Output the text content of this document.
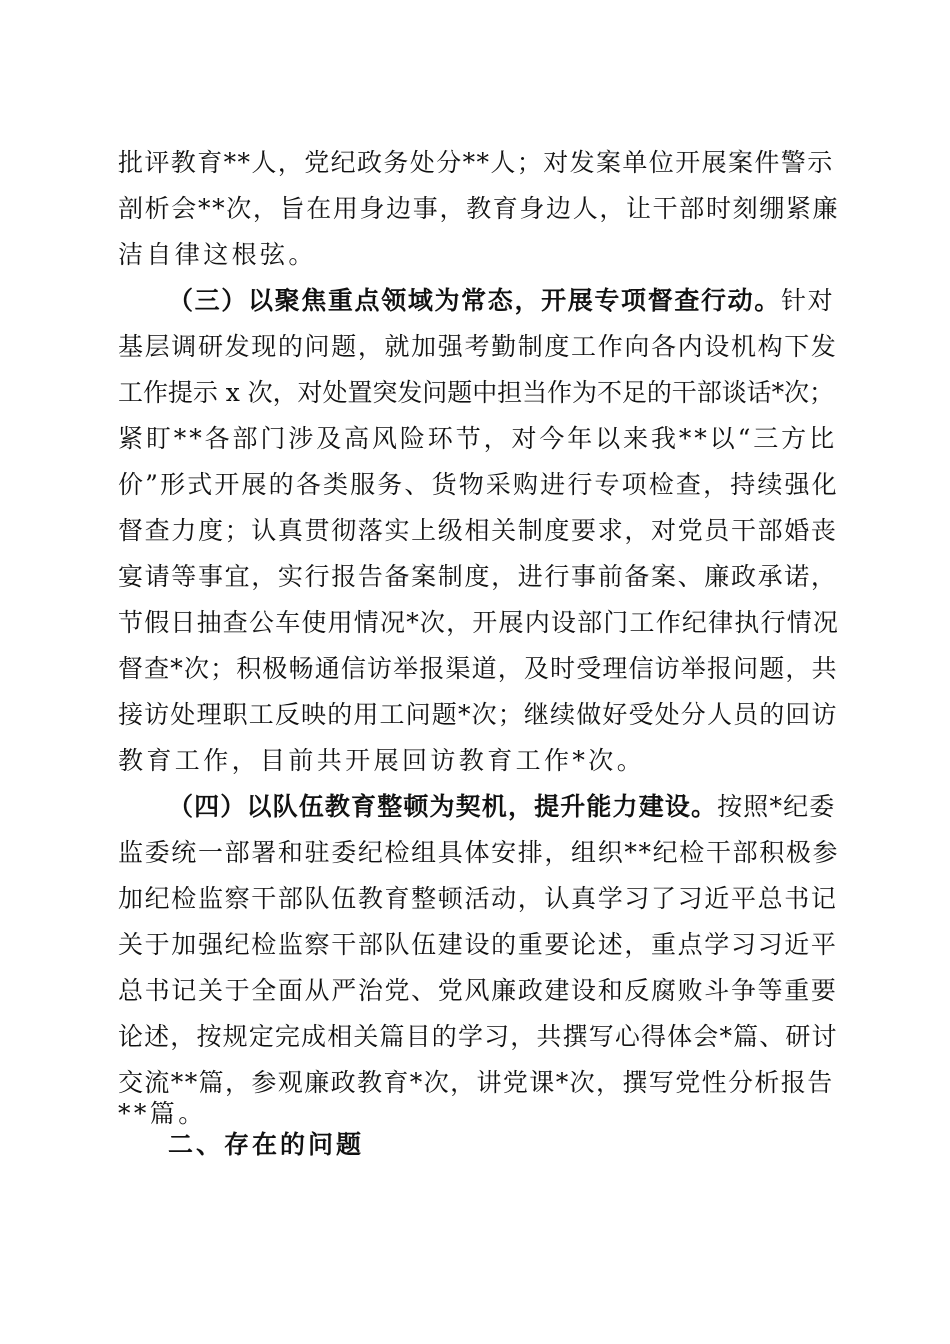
批评教育**人，党纪政务处分**人；对发案单位开展案件警示
剖析会**次，旨在用身边事，教育身边人，让干部时刻绷紧廉
洁自律这根弦。
（三）以聚焦重点领域为常态，开展专项督查行动。针对
基层调研发现的问题，就加强考勤制度工作向各内设机构下发
工作提示 x 次，对处置突发问题中担当作为不足的干部谈话*次；
紧盯**各部门涉及高风险环节，对今年以来我**以“三方比
价”形式开展的各类服务、货物采购进行专项检查，持续强化
督查力度；认真贯彻落实上级相关制度要求，对党员干部婚丧
宴请等事宜，实行报告备案制度，进行事前备案、廉政承诺，
节假日抽查公车使用情况*次，开展内设部门工作纪律执行情况
督查*次；积极畅通信访举报渠道，及时受理信访举报问题，共
接访处理职工反映的用工问题*次；继续做好受处分人员的回访
教育工作，目前共开展回访教育工作*次。
（四）以队伍教育整顿为契机，提升能力建设。按照*纪委
监委统一部署和驻委纪检组具体安排，组织**纪检干部积极参
加纪检监察干部队伍教育整顿活动，认真学习了习近平总书记
关于加强纪检监察干部队伍建设的重要论述，重点学习习近平
总书记关于全面从严治党、党风廉政建设和反腐败斗争等重要
论述，按规定完成相关篇目的学习，共撰写心得体会*篇、研讨
交流**篇，参观廉政教育*次，讲党课*次，撰写党性分析报告
**篇。
二、存在的问题
